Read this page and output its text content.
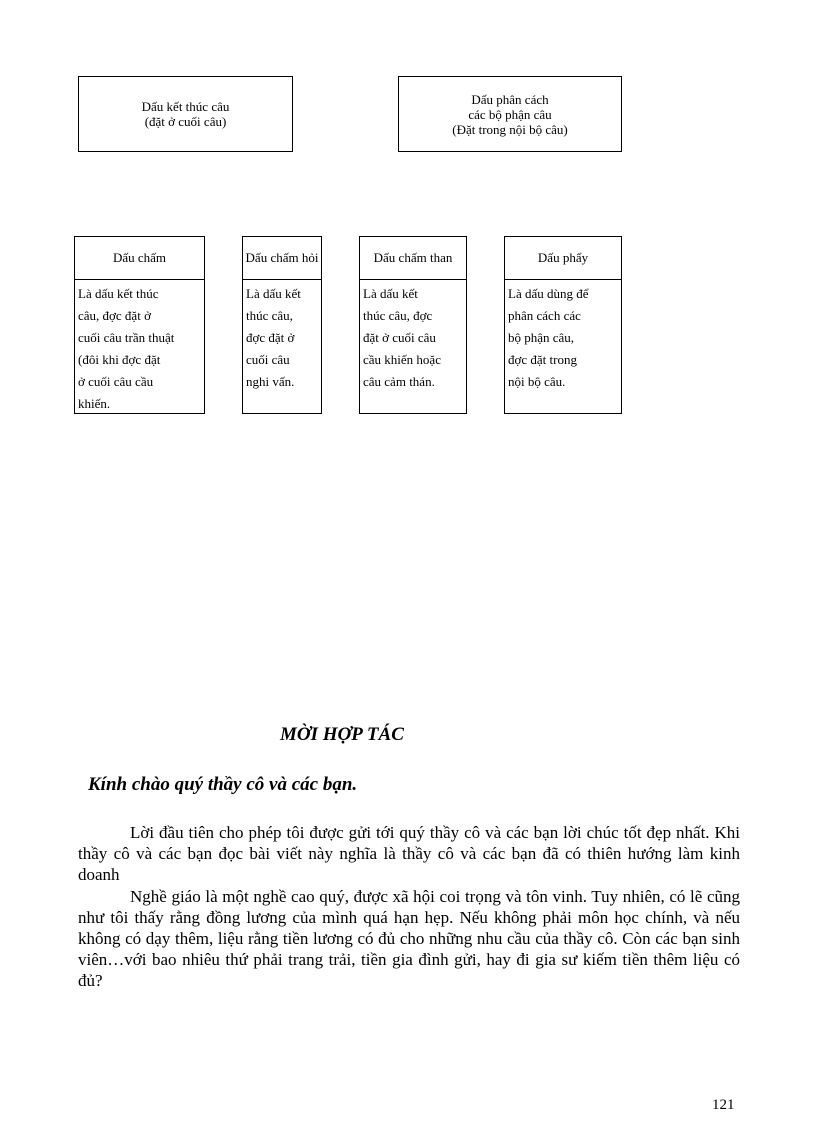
Dấu kết thúc câu
(đặt ở cuối câu)
Dấu phân cách
các bộ phận câu
(Đặt trong nội bộ câu)
Dấu chấm
Là dấu kết thúc
câu, đợc đặt ở
cuối câu trần thuật
(đôi khi đợc đặt
ở cuối câu cầu
khiến.
Dấu chấm hỏi
Là dấu kết
thúc câu,
đợc đặt ở
cuối câu
nghi vấn.
Dấu chấm than
Là dấu kết
thúc câu, đợc
đặt ở cuối câu
cầu khiến hoặc
câu cảm thán.
Dấu phẩy
Là dấu dùng để
phân cách các
bộ phận câu,
đợc đặt trong
nội bộ câu.
MỜI HỢP TÁC
Kính chào quý thầy cô và các bạn.

Lời đầu tiên cho phép tôi được gửi tới quý thầy cô và các bạn lời chúc tốt đẹp nhất. Khi thầy cô và các bạn đọc bài viết này nghĩa là thầy cô và các bạn đã có thiên hướng làm kinh doanh

Nghề giáo là một nghề cao quý, được xã hội coi trọng và tôn vinh. Tuy nhiên, có lẽ cũng như tôi thấy rằng đồng lương của mình quá hạn hẹp. Nếu không phải môn học chính, và nếu không có dạy thêm, liệu rằng tiền lương có đủ cho những nhu cầu của thầy cô. Còn các bạn sinh viên…với bao nhiêu thứ phải trang trải, tiền gia đình gửi, hay đi gia sư kiếm tiền thêm liệu có đủ?

121
